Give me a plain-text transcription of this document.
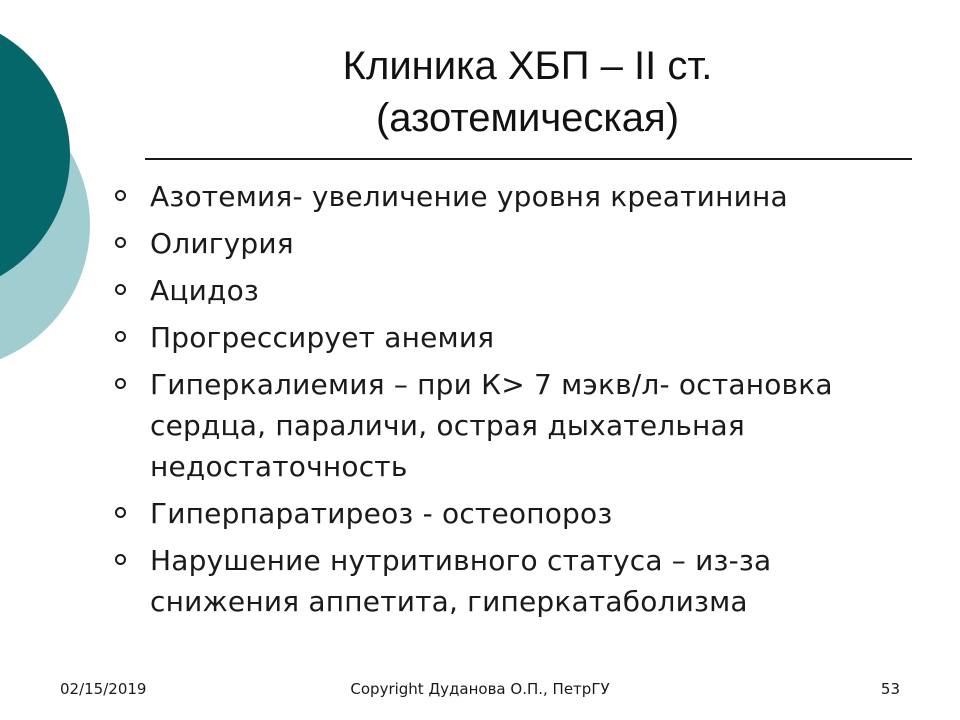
Клиника ХБП – II ст.
(азотемическая)
Азотемия- увеличение уровня креатинина
Олигурия
Ацидоз
Прогрессирует анемия
Гиперкалиемия – при К> 7 мэкв/л- остановка сердца, параличи, острая дыхательная недостаточность
Гиперпаратиреоз - остеопороз
Нарушение нутритивного статуса – из-за снижения аппетита, гиперкатаболизма
02/15/2019	Copyright Дуданова О.П., ПетрГУ	53
